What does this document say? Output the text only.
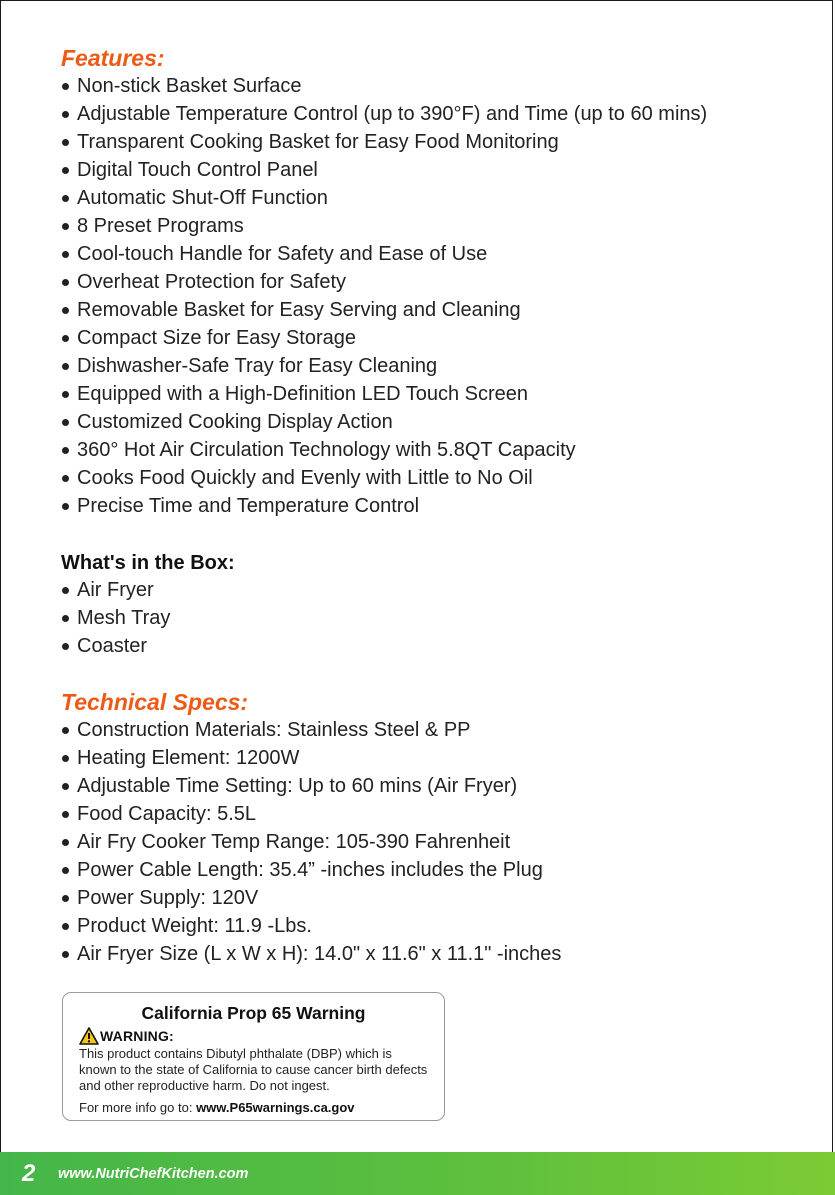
Features:
Non-stick Basket Surface
Adjustable Temperature Control (up to 390°F) and Time (up to 60 mins)
Transparent Cooking Basket for Easy Food Monitoring
Digital Touch Control Panel
Automatic Shut-Off Function
8 Preset Programs
Cool-touch Handle for Safety and Ease of Use
Overheat Protection for Safety
Removable Basket for Easy Serving and Cleaning
Compact Size for Easy Storage
Dishwasher-Safe Tray for Easy Cleaning
Equipped with a High-Definition LED Touch Screen
Customized Cooking Display Action
360° Hot Air Circulation Technology with 5.8QT Capacity
Cooks Food Quickly and Evenly with Little to No Oil
Precise Time and Temperature Control
What's in the Box:
Air Fryer
Mesh Tray
Coaster
Technical Specs:
Construction Materials: Stainless Steel & PP
Heating Element: 1200W
Adjustable Time Setting: Up to 60 mins (Air Fryer)
Food Capacity: 5.5L
Air Fry Cooker Temp Range: 105-390 Fahrenheit
Power Cable Length: 35.4” -inches includes the Plug
Power Supply: 120V
Product Weight: 11.9 -Lbs.
Air Fryer Size (L x W x H): 14.0" x 11.6" x 11.1" -inches
California Prop 65 Warning
WARNING:

This product contains Dibutyl phthalate (DBP) which is known to the state of California to cause cancer birth defects and other reproductive harm. Do not ingest.

For more info go to: www.P65warnings.ca.gov
2	www.NutriChefKitchen.com
